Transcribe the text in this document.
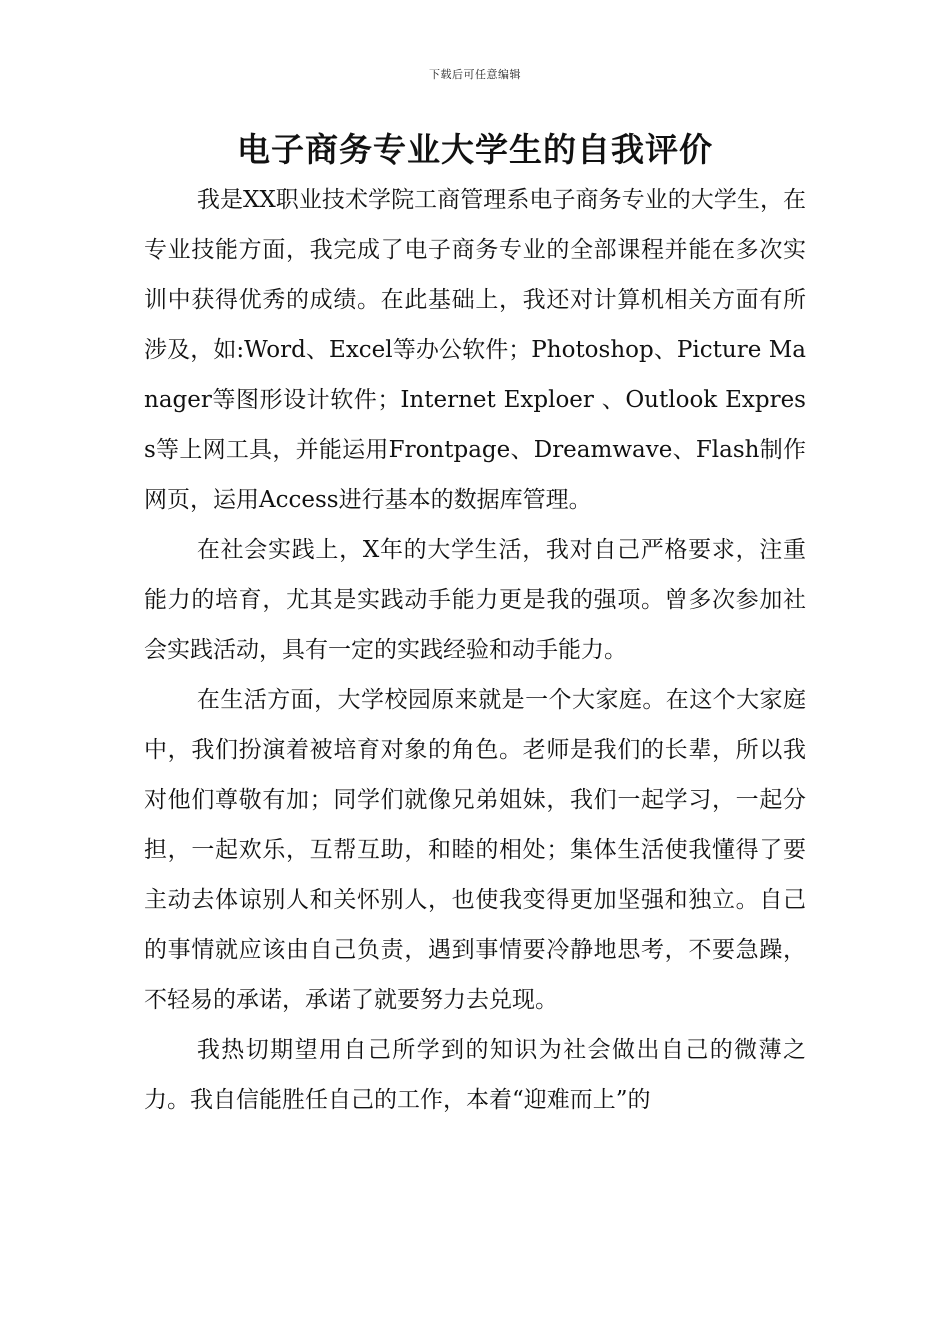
下载后可任意编辑
电子商务专业大学生的自我评价

我是XX职业技术学院工商管理系电子商务专业的大学生，在专业技能方面，我完成了电子商务专业的全部课程并能在多次实训中获得优秀的成绩。在此基础上，我还对计算机相关方面有所涉及，如:Word、Excel等办公软件；Photoshop、Picture Manager等图形设计软件；Internet Exploer 、Outlook Express等上网工具，并能运用Frontpage、Dreamwave、Flash制作网页，运用Access进行基本的数据库管理。

在社会实践上，X年的大学生活，我对自己严格要求，注重能力的培育，尤其是实践动手能力更是我的强项。曾多次参加社会实践活动，具有一定的实践经验和动手能力。

在生活方面，大学校园原来就是一个大家庭。在这个大家庭中，我们扮演着被培育对象的角色。老师是我们的长辈，所以我对他们尊敬有加；同学们就像兄弟姐妹，我们一起学习，一起分担，一起欢乐，互帮互助，和睦的相处；集体生活使我懂得了要主动去体谅别人和关怀别人，也使我变得更加坚强和独立。自己的事情就应该由自己负责，遇到事情要冷静地思考，不要急躁，不轻易的承诺，承诺了就要努力去兑现。

我热切期望用自己所学到的知识为社会做出自己的微薄之力。我自信能胜任自己的工作，本着“迎难而上”的
